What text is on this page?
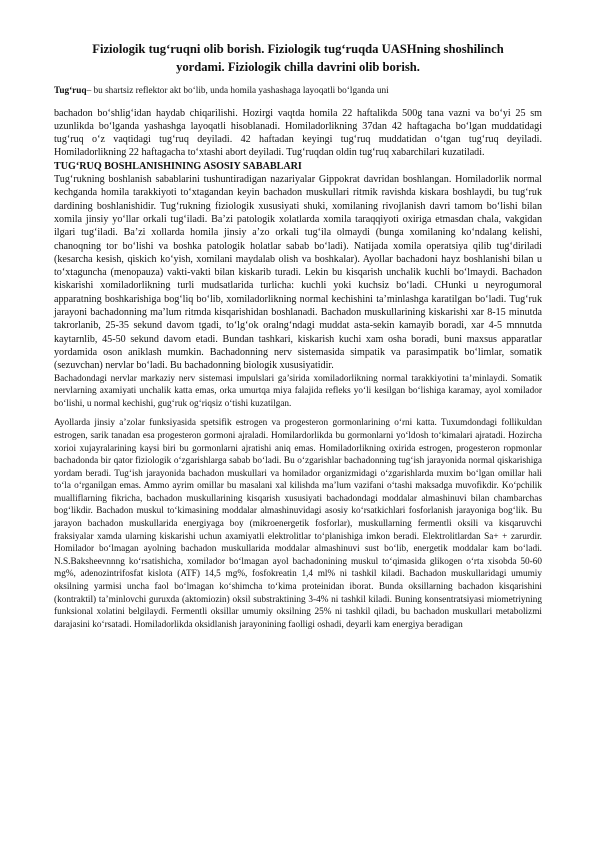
Fiziologik tug‘ruqni olib borish. Fiziologik tug‘ruqda UASHning shoshilinch
yordami. Fiziologik chilla davrini olib borish.

Tug‘ruq– bu shartsiz reflektor akt bo‘lib, unda homila yashashaga layoqatli bo‘lganda uni

bachadon bo‘shlig‘idan haydab chiqarilishi. Hozirgi vaqtda homila 22 haftalikda 500g tana vazni va bo‘yi 25 sm uzunlikda bo‘lganda yashashga layoqatli hisoblanadi. Homiladorlikning 37dan 42 haftagacha bo‘lgan muddatidagi tug‘ruq o‘z vaqtidagi tug‘ruq deyiladi. 42 haftadan keyingi tug‘ruq muddatidan o‘tgan tug‘ruq deyiladi. Homiladorlikning 22 haftagacha to‘xtashi abort deyiladi. Tug‘ruqdan oldin tug‘ruq xabarchilari kuzatiladi.

TUG‘RUQ BOSHLANISHINING ASOSIY SABABLARI

Tug‘rukning boshlanish sabablarini tushuntiradigan nazariyalar Gippokrat davridan boshlangan. Homiladorlik normal kechganda homila tarakkiyoti to‘xtagandan keyin bachadon muskullari ritmik ravishda kiskara boshlaydi, bu tug‘ruk dardining boshlanishidir. Tug‘rukning fiziologik xususiyati shuki, xomilaning rivojlanish davri tamom bo‘lishi bilan xomila jinsiy yo‘llar orkali tug‘iladi. Ba’zi patologik xolatlarda xomila taraqqiyoti oxiriga etmasdan chala, vakgidan ilgari tug‘iladi. Ba’zi xollarda homila jinsiy a’zo orkali tug‘ila olmaydi (bunga xomilaning ko‘ndalang kelishi, chanoqning tor bo‘lishi va boshka patologik holatlar sabab bo‘ladi). Natijada xomila operatsiya qilib tug‘diriladi (kesarcha kesish, qiskich ko‘yish, xomilani maydalab olish va boshkalar). Ayollar bachadoni hayz boshlanishi bilan u to‘xtaguncha (menopauza) vakti-vakti bilan kiskarib turadi. Lekin bu kisqarish unchalik kuchli bo‘lmaydi. Bachadon kiskarishi xomiladorlikning turli mudsatlarida turlicha: kuchli yoki kuchsiz bo‘ladi. CHunki u neyrogumoral apparatning boshkarishiga bog‘liq bo‘lib, xomiladorlikning normal kechishini ta’minlashga karatilgan bo‘ladi. Tug‘ruk jarayoni bachadonning ma’lum ritmda kisqarishidan boshlanadi. Bachadon muskullarining kiskarishi xar 8-15 minutda takrorlanib, 25-35 sekund davom tgadi, to‘lg‘ok oralng‘ndagi muddat asta-sekin kamayib boradi, xar 4-5 mnnutda kaytarnlib, 45-50 sekund davom etadi. Bundan tashkari, kiskarish kuchi xam osha boradi, buni maxsus apparatlar yordamida oson aniklash mumkin. Bachadonning nerv sistemasida simpatik va parasimpatik bo‘limlar, somatik (sezuvchan) nervlar bo‘ladi. Bu bachadonning biologik xususiyatidir.

Bachadondagi nervlar markaziy nerv sistemasi impulslari ga’sirida xomiladorlikning normal tarakkiyotini ta’minlaydi. Somatik nervlarning axamiyati unchalik katta emas, orka umurtqa miya falajida refleks yo‘li kesilgan bo‘lishiga karamay, ayol xomilador bo‘lishi, u normal kechishi, gug‘ruk og‘riqsiz o‘tishi kuzatilgan.

Ayollarda jinsiy a’zolar funksiyasida spetsifik estrogen va progesteron gormonlarining o‘rni katta. Tuxumdondagi follikuldan estrogen, sarik tanadan esa progesteron gormoni ajraladi. Homilardorlikda bu gormonlarni yo‘ldosh to‘kimalari ajratadi. Hozircha xorioi xujayralarining kaysi biri bu gormonlarni ajratishi aniq emas. Homiladorlikning oxirida estrogen, progesteron ropmonlar bachadonda bir qator fiziologik o‘zgarishlarga sabab bo‘ladi. Bu o‘zgarishlar bachadonning tug‘ish jarayonida normal qiskarishiga yordam beradi. Tug‘ish jarayonida bachadon muskullari va homilador organizmidagi o‘zgarishlarda muxim bo‘lgan omillar hali to‘la o‘rganilgan emas. Ammo ayrim omillar bu masalani xal kilishda ma’lum vazifani o‘tashi maksadga muvofikdir. Ko‘pchilik mualliflarning fikricha, bachadon muskullarining kisqarish xususiyati bachadondagi moddalar almashinuvi bilan chambarchas bog‘likdir. Bachadon muskul to‘kimasining moddalar almashinuvidagi asosiy ko‘rsatkichlari fosforlanish jarayoniga bog‘lik. Bu jarayon bachadon muskullarida energiyaga boy (mikroenergetik fosforlar), muskullarning fermentli oksili va kisqaruvchi fraksiyalar xamda ularning kiskarishi uchun axamiyatli elektrolitlar to‘planishiga imkon beradi. Elektrolitlardan Sa+ + zarurdir. Homilador bo‘lmagan ayolning bachadon muskullarida moddalar almashinuvi sust bo‘lib, energetik moddalar kam bo‘ladi. N.S.Baksheevnnng ko‘rsatishicha, xomilador bo‘lmagan ayol bachadonining muskul to‘qimasida glikogen o‘rta xisobda 50-60 mg%, adenozintrifosfat kislota (ATF) 14,5 mg%, fosfokreatin 1,4 ml% ni tashkil kiladi. Bachadon muskullaridagi umumiy oksilning yarmisi uncha faol bo‘lmagan ko‘shimcha to‘kima proteinidan iborat. Bunda oksillarning bachadon kisqarishini (kontraktil) ta’minlovchi guruxda (aktomiozin) oksil substraktining 3-4% ni tashkil kiladi. Buning konsentratsiyasi miometriyning funksional xolatini belgilaydi. Fermentli oksillar umumiy oksilning 25% ni tashkil qiladi, bu bachadon muskullari metabolizmi darajasini ko‘rsatadi. Homiladorlikda oksidlanish jarayonining faolligi oshadi, deyarli kam energiya beradigan
